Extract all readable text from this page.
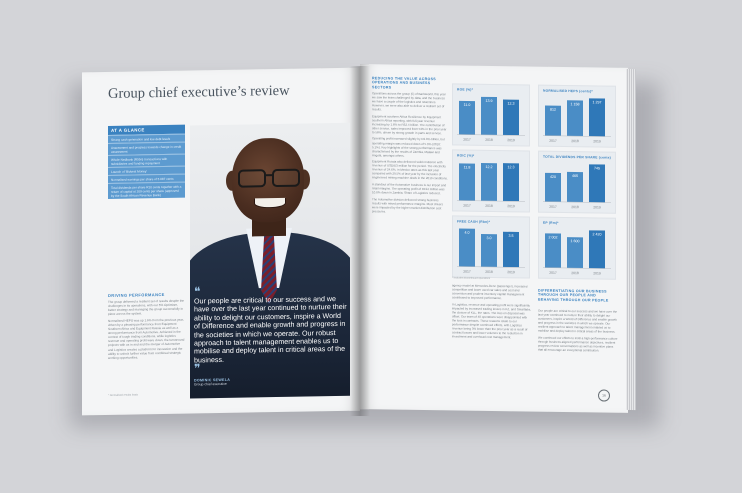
Group chief executive’s review
AT A GLANCE
Strong cash generation and low debt levels
Assessment and progress towards change in credit assessment
Whole Nedbank (R5bn) transactions with subsidiaries and funding repayment
Launch of ‘Bidvest Money’
Normalised earnings per share of 5 087 cents
Total dividends per share R10 cents together with a return of capital at 209 cents per share (approved by the South African Revenue Bank)
DRIVING PERFORMANCE

The group delivered a resilient set of results despite the challenges in its operations, with our 5% Optimism, better strategy and managing the group successfully in place across the system.

Normalised HEPS was up 1.6% from the previous year, driven by a pleasing performance from Equipment Southern Africa and Equipment Russia as well as a strong performance from Automotive. Achieved in the context of tough trading conditions, while logistics revenue and operating profit were down, the turnaround projects with us in and and the merger of Automotive and Logistics creates a platform for innovation and the ability to unlock further value from combined strategic working opportunities.

* Normalised results basis
❝
Our people are critical to our success and we have over the last year continued to nurture their ability to delight our customers, inspire a World of Difference and enable growth and progress in the societies in which we operate. Our robust approach to talent management enables us to mobilise and deploy talent in critical areas of the business.
❞
DOMINIC SEWELA
Group chief executive
REDUCING THE VALUE ACROSS OPERATIONS AND BUSINESS SECTORS

Operations across the group (5) of Barloworld, this year we saw the team challenged by data, and the business we have a couple of the logistics and retail lines. However, we were also able to deliver a resilient set of results.

Equipment southern Africa Resilience by Equipment southern Africa reporting, with full-year revenue increasing by 1.6% to R32.4 billion. The contribution of other service, sales improved from 53% in the prior year to 56%, driven by strong growth in parts and service.

Operating profit increased slightly by R2.8% billion, but operating margin was reduced down of 5.0% (2018: 5.1%). Key highlights of the strong performance was characterised by the results of Zambia, Malawi and Angola, amongst others.

Equipment Russia also delivered solid resilience with revenue of US$453 million for the period. The electricity revenue of 24.6%, in Mexico rates as this last year compared with 29.5% of last year by the inclusion of engineered mining machine deals in the 2019 conditions.

A standout of the Automotive business is our import and retail margins. The operating profit of R194 million was 10.8% down in Zambia. Share of Logistics reduced.

The Automotive division delivered strong business results with mixed performance margins. Most drivers were impacted by the higher market distribution cost pressures.

ROE (%)*
11.0
2017
13.9
2018
12.3
2019
NORMALISED HEPS (cents)*
812
2017
1 158
2018
1 297
2019
ROIC (%)*
11.8
2017
12.2
2018
12.3
2019
TOTAL DIVIDENDS PER SHARE (cents)
420
2017
465
2018
745
2019
FREE CASH (Rbn)*
4.0
2017
3.0
2018
3.5
2019
EP (Rm)*
2 002
2017
1 600
2018
2 420
2019
* Includes discontinued operations

agency model at Mercedes-Benz (passenger), increased competition and lower used car sales and cost and conversion and prudent inventory capital management contributed to improved performance.

In Logistics, revenue and operating profit were significantly impacted by increased trading losses in KZ, and Smartlabs, the closure of KLL, the rates. The loss on disposal was offset. Our team of 48 operations were disappointed with the loss in contracts. These reasons relate to our performance despite continued efforts, with Logistics revenue being 3% lower than the prior year as a result of contract losses and lower volumes to the reduction in investment and overhead cost management.

DIFFERENTIATING OUR BUSINESS THROUGH OUR PEOPLE AND BEHAVING THROUGH OUR PEOPLE

Our people are critical to our success and we have over the last year continued to nurture their ability to delight our customers, inspire a World of Difference and enable growth and progress in the societies in which we operate. Our resilient approach to talent management enabled us to mobilise and deploy talent in critical areas of the business.

We continued our efforts to instil a high-performance culture through business aligned performance objectives, resilient progress review conversations as well as incentive plans that all encourage an exceptional contribution.

16
